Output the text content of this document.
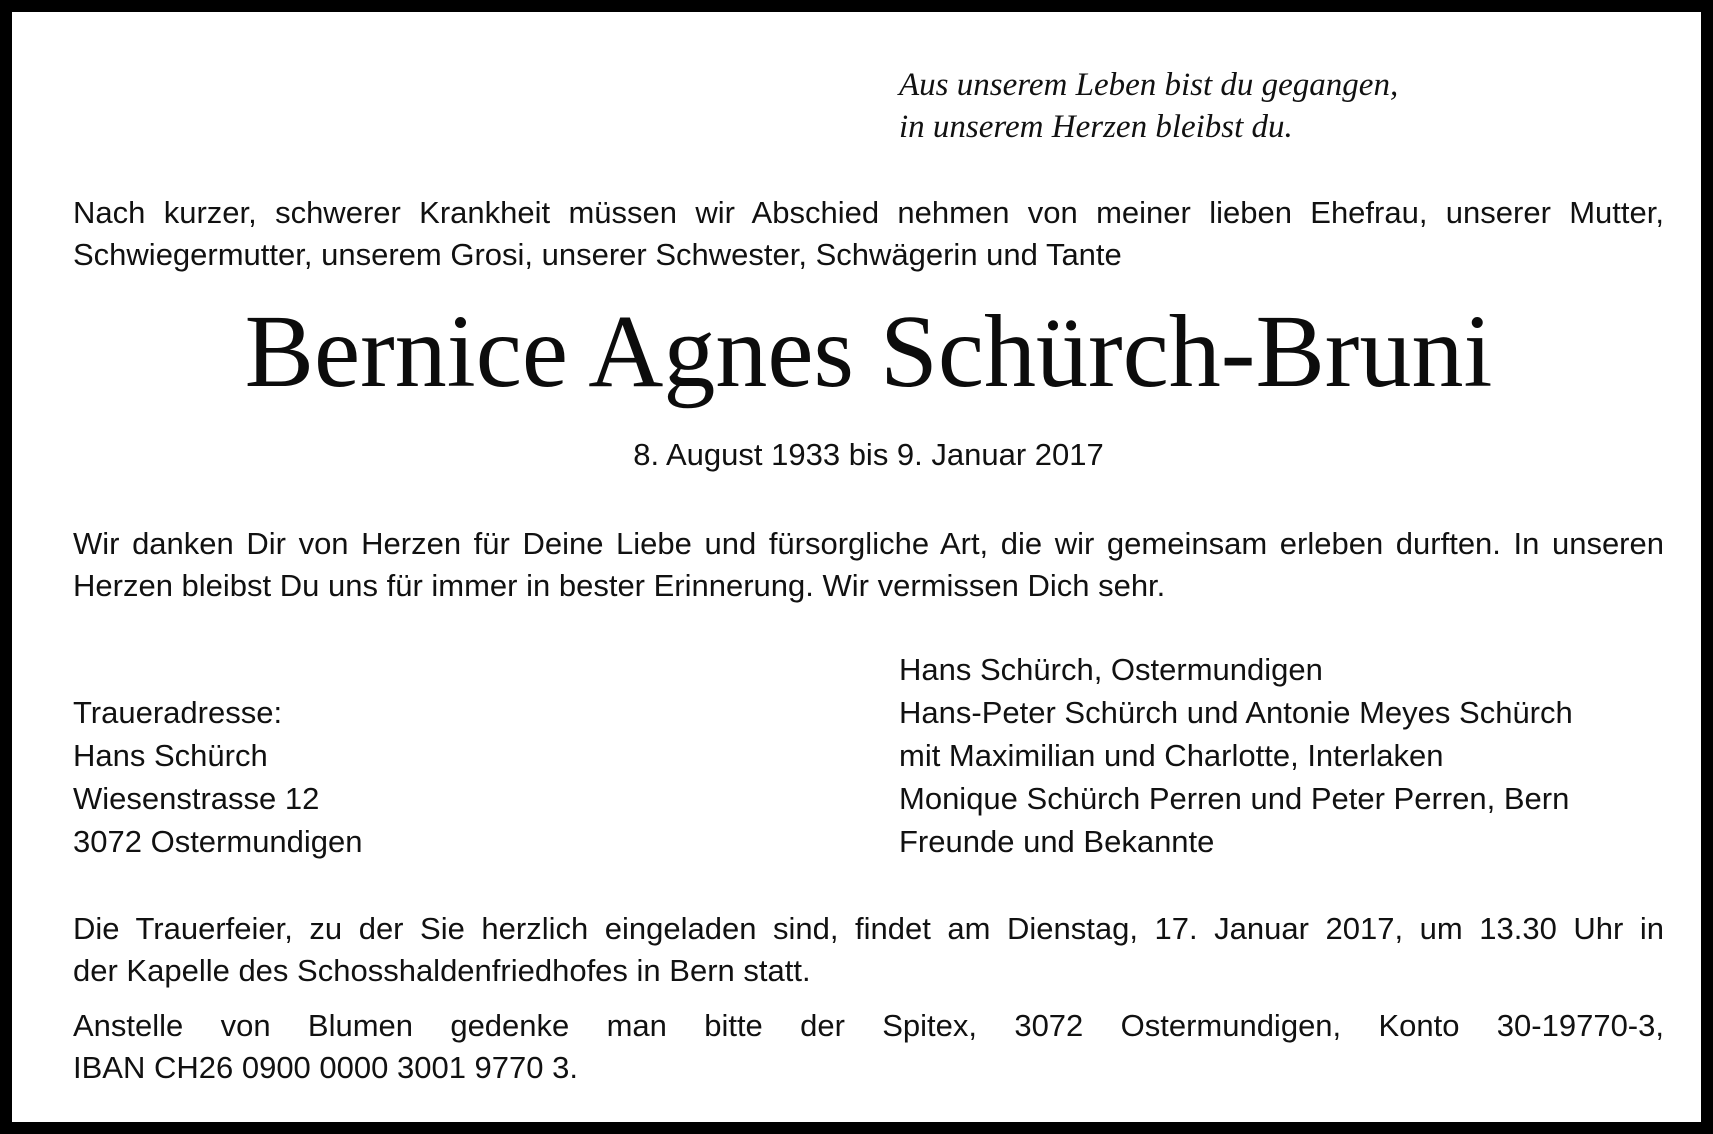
Aus unserem Leben bist du gegangen,
in unserem Herzen bleibst du.
Nach kurzer, schwerer Krankheit müssen wir Abschied nehmen von meiner lieben Ehefrau, unserer Mutter,
Schwiegermutter, unserem Grosi, unserer Schwester, Schwägerin und Tante
Bernice Agnes Schürch-Bruni
8. August 1933 bis 9. Januar 2017
Wir danken Dir von Herzen für Deine Liebe und fürsorgliche Art, die wir gemeinsam erleben durften. In unseren
Herzen bleibst Du uns für immer in bester Erinnerung. Wir vermissen Dich sehr.
Traueradresse:
Hans Schürch
Wiesenstrasse 12
3072 Ostermundigen
Hans Schürch, Ostermundigen
Hans-Peter Schürch und Antonie Meyes Schürch
mit Maximilian und Charlotte, Interlaken
Monique Schürch Perren und Peter Perren, Bern
Freunde und Bekannte
Die Trauerfeier, zu der Sie herzlich eingeladen sind, findet am Dienstag, 17. Januar 2017, um 13.30 Uhr in
der Kapelle des Schosshaldenfriedhofes in Bern statt.
Anstelle von Blumen gedenke man bitte der Spitex, 3072 Ostermundigen, Konto 30-19770-3,
IBAN CH26 0900 0000 3001 9770 3.
